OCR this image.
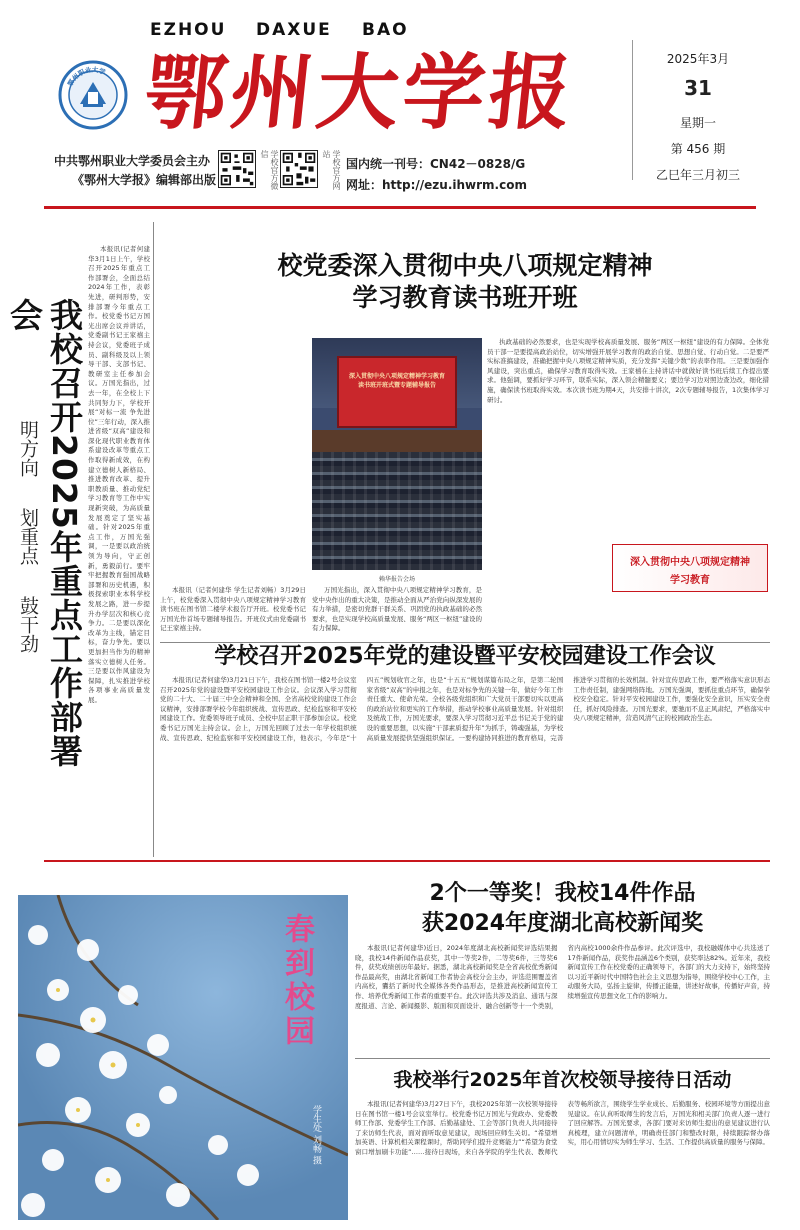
EZHOU DAXUE BAO
鄂州职业大学 鄂州大学报	2025年3月
31
星期一
第 456 期
乙巳年三月初三
中共鄂州职业大学委员会主办
《鄂州大学报》编辑部出版	学校官方微信	学校官方网站
国内统一刊号：CN42－0828/G
网址：http://ezu.ihwrm.com
我校召开2025年重点工作部署会
明方向
划重点
鼓干劲
本报讯(记者何建华3月1日上午，学校召开2025年重点工作部署会，全面总结2024年工作，表彰先进，研判形势，安排部署今年重点工作。校党委书记万国光出席会议并讲话，党委副书记王家禧主持会议，党委班子成员、副科级及以上领导干部、支部书记、教研室主任参加会议。万国光指出，过去一年，在全校上下共同努力下，学校开展“对标一流 争先进位”三年行动，深入推进省级“双高”建设和深化现代职业教育体系建设改革等重点工作取得新成效，在构建立德树人新格局、推进教育改革、提升职教质量、推动党纪学习教育等工作中实现新突破，为高质量发展奠定了坚实基础。针对2025年重点工作，万国光强调，一是要以政治统领为导向，守正创新，勇毅前行。要牢牢把握教育强国战略部署和历史机遇，积极探索职业本科学校发展之路，进一步提升办学层次和核心竞争力。二是要以深化改革为主线，锚定目标，奋力争先。要以更加担当作为的精神落实立德树人任务。三是要以作风建设为保障，扎实推进学校各项事业高质量发展。
校党委深入贯彻中央八项规定精神
学习教育读书班开班
深入贯彻中央八项规定精神学习教育
读书班开班式暨专题辅导报告
赖华报告会场
本报讯（记者何建华 学生记者刘畅）3月29日上午，校党委深入贯彻中央八项规定精神学习教育读书班在图书馆二楼学术报告厅开班。校党委书记万国光作首场专题辅导报告。开班仪式由党委副书记王家禧主持。
万国光指出，深入贯彻中央八项规定精神学习教育，是党中央作出的重大决策，是推动全面从严治党向纵深发展的有力举措，是密切党群干群关系、巩固党的执政基础的必然要求，也是实现学校高质量发展、服务“两区一枢纽”建设的有力保障。
执政基础的必然要求，也是实现学校高质量发展、服务“两区一枢纽”建设的有力保障。全体党员干部一是要提高政治站位，切实增强开展学习教育的政治自觉、思想自觉、行动自觉。二是要严实标准搞建设，准确把握中央八项规定精神实质，充分发挥“关键少数”的表率作用。三是要加强作风建设，突出重点，确保学习教育取得实效。王家禧在主持讲话中就做好读书班后续工作提出要求。他强调，要抓好学习环节，联系实际，深入领会精髓要义；要边学习边对照边查边改，细化措施，确保读书班取得实效。本次读书班为期4天，共安排十讲次，2次专题辅导报告，1次集体学习研讨。
深入贯彻中央八项规定精神
学习教育
学校召开2025年党的建设暨平安校园建设工作会议
本报讯(记者何建华)3月21日下午，我校在图书馆一楼2号会议室召开2025年党的建设暨平安校园建设工作会议。会议深入学习贯彻党的二十大、二十届三中全会精神和全国、全省高校党的建设工作会议精神，安排部署学校今年组织统战、宣传思政、纪检监察和平安校园建设工作。党委领导班子成员、全校中层正职干部参加会议。校党委书记万国光主持会议。会上，万国光回顾了过去一年学校组织统战、宣传思政、纪检监察和平安校园建设工作，他表示，今年是“十四五”规划收官之年，也是“十五五”规划谋篇布局之年，是第二轮国家省级“双高”的申报之年，也是对标争先的关键一年，做好今年工作责任重大、使命光荣。全校各级党组织和广大党员干部要切实以更高的政治站位和更实的工作举措，推动学校事业高质量发展。针对组织及统战工作，万国光要求，要深入学习贯彻习近平总书记关于党的建设的重要思想，以实施“干部素质提升年”为抓手，铸魂强基，为学校高质量发展提供坚强组织保证。一要构建协同推进的教育格局，完善推进学习贯彻的长效机制。针对宣传思政工作，要严格落实意识形态工作责任制，建强网络阵地。万国光强调，要抓住重点环节，确保学校安全稳定。针对平安校园建设工作，要强化安全意识，压实安全责任，抓好风险排查。万国光要求，要驰而不息正风肃纪，严格落实中央八项规定精神，营造风清气正的校园政治生态。
春到校园
学生处 刘畅 摄
2个一等奖！我校14件作品
获2024年度湖北高校新闻奖
本报讯(记者何建华)近日，2024年度湖北高校新闻奖评选结果揭晓，我校14件新闻作品获奖，其中一等奖2件，二等奖6件，三等奖6件，获奖成绩创历年最好。据悉，湖北高校新闻奖是全省高校优秀新闻作品最高奖，由湖北省新闻工作者协会高校分会主办，评选范围覆盖省内高校，囊括了新时代全媒体各类作品形态，是推进高校新闻宣传工作、培养优秀新闻工作者的重要平台。此次评选共涉及消息、通讯与深度报道、言论、新闻摄影、版面和页面设计、融合创新等十一个类别，省内高校1000余件作品参评。此次评选中，我校融媒体中心共选送了17件新闻作品，获奖作品涵盖6个类别，获奖率达82%。近年来，我校新闻宣传工作在校党委的正确领导下，各部门的大力支持下，始终坚持以习近平新时代中国特色社会主义思想为指导，围绕学校中心工作，主动服务大局，弘扬主旋律，传播正能量，讲述好故事，传播好声音，持续增强宣传思想文化工作的影响力。
我校举行2025年首次校领导接待日活动
本报讯(记者何建华)3月27日下午，我校2025年第一次校领导接待日在图书馆一楼1号会议室举行。校党委书记万国光与党政办、党委教师工作部、党委学生工作部、后勤基建处、工会等部门负责人共同接待了来访师生代表，面对面听取意见建议，现场回应师生关切。“希望增加英语、计算机相关课程课时，帮助同学们提升竞赛能力”“希望为食堂窗口增加刷卡功能”……接待日现场，来自各学院的学生代表、教师代表等畅所欲言，围绕学生学业成长、后勤服务、校园环境等方面提出意见建议。在认真听取师生的发言后，万国光和相关部门负责人逐一进行了回应解答。万国光要求，各部门要对来访师生提出的意见建议进行认真梳理，建立问题清单，明确责任部门和整改时限，持续跟踪督办落实，用心用情切实为师生学习、生活、工作提供高质量的服务与保障。
